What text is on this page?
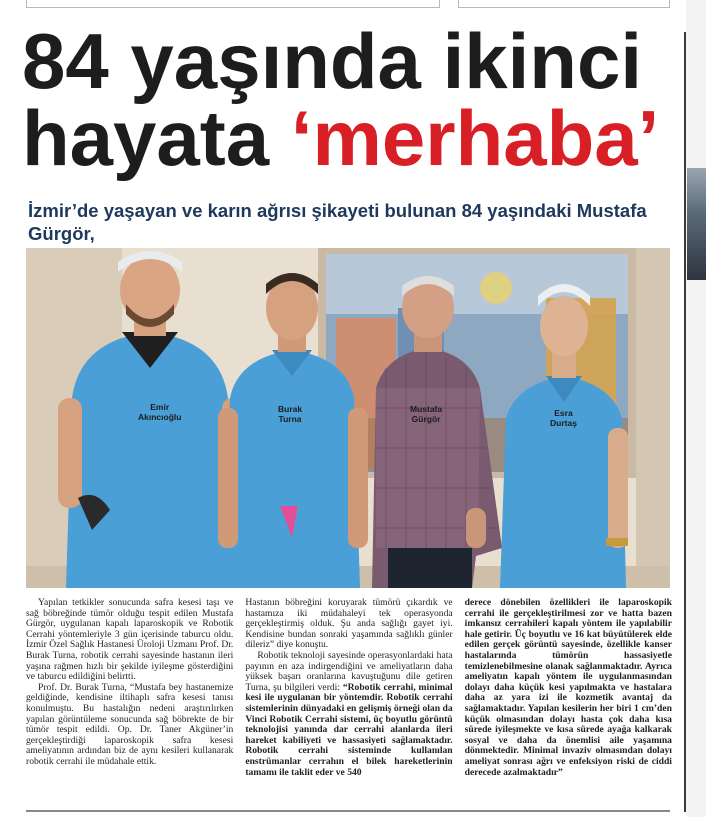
84 yaşında ikinci
hayata ‘merhaba’
İzmir’de yaşayan ve karın ağrısı şikayeti bulunan 84 yaşındaki Mustafa Gürgör,
Emir
Akıncıoğlu
Burak
Turna
Mustafa
Gürgör
Esra
Durtaş

Yapılan tetkikler sonucunda safra kesesi taşı ve sağ böbreğinde tümör olduğu tespit edilen Mustafa Gürgör, uygulanan kapalı laparoskopik ve Robotik Cerrahi yöntemleriyle 3 gün içerisinde taburcu oldu. İzmir Özel Sağlık Hastanesi Üroloji Uzmanı Prof. Dr. Burak Turna, robotik cerrahi sayesinde hastanın ileri yaşına rağmen hızlı bir şekilde iyileşme gösterdiğini ve taburcu edildiğini belirtti.

Prof. Dr. Burak Turna, “Mustafa bey hastanemize geldiğinde, kendisine iltihaplı safra kesesi tanısı konulmuştu. Bu hastalığın nedeni araştırılırken yapılan görüntüleme sonucunda sağ böbrekte de bir tümör tespit edildi. Op. Dr. Taner Akgüner’in gerçekleştirdiği laparoskopik safra kesesi ameliyatının ardından biz de aynı kesileri kullanarak robotik cerrahi ile müdahale ettik.

Hastanın böbreğini koruyarak tümörü çıkardık ve hastamıza iki müdahaleyi tek operasyonda gerçekleştirmiş olduk. Şu anda sağlığı gayet iyi. Kendisine bundan sonraki yaşamında sağlıklı günler dileriz” diye konuştu.

Robotik teknoloji sayesinde operasyonlardaki hata payının en aza indirgendiğini ve ameliyatların daha yüksek başarı oranlarına kavuştuğunu dile getiren Turna, şu bilgileri verdi: “Robotik cerrahi, minimal kesi ile uygulanan bir yöntemdir. Robotik cerrahi sistemlerinin dünyadaki en gelişmiş örneği olan da Vinci Robotik Cerrahi sistemi, üç boyutlu görüntü teknolojisi yanında dar cerrahi alanlarda ileri hareket kabiliyeti ve hassasiyeti sağlamaktadır. Robotik cerrahi sisteminde kullanılan enstrümanlar cerrahın el bilek hareketlerinin tamamı ile taklit eder ve 540

derece dönebilen özellikleri ile laparoskopik cerrahi ile gerçekleştirilmesi zor ve hatta bazen imkansız cerrahileri kapalı yöntem ile yapılabilir hale getirir. Üç boyutlu ve 16 kat büyütülerek elde edilen gerçek görüntü sayesinde, özellikle kanser hastalarında tümörün hassasiyetle temizlenebilmesine olanak sağlanmaktadır. Ayrıca ameliyatın kapalı yöntem ile uygulanmasından dolayı daha küçük kesi yapılmakta ve hastalara daha az yara izi ile kozmetik avantaj da sağlamaktadır. Yapılan kesilerin her biri 1 cm’den küçük olmasından dolayı hasta çok daha kısa sürede iyileşmekte ve kısa sürede ayağa kalkarak sosyal ve daha da önemlisi aile yaşamına dönmektedir. Minimal invaziv olmasından dolayı ameliyat sonrası ağrı ve enfeksiyon riski de ciddi derecede azalmaktadır”
